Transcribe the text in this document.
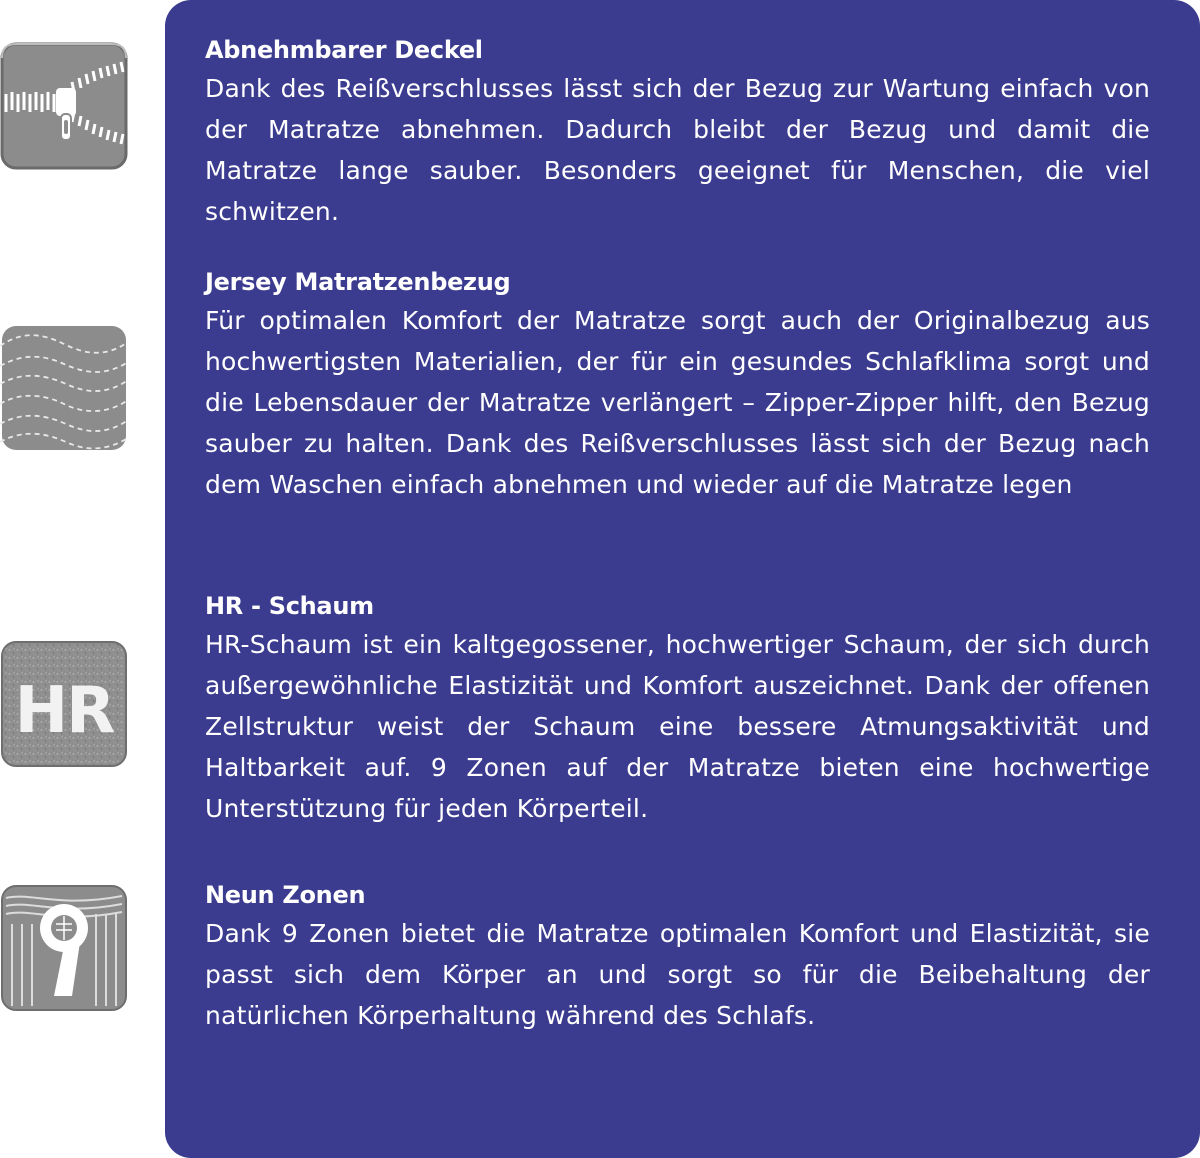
HR
Abnehmbarer Deckel

Dank des Reißverschlusses lässt sich der Bezug zur Wartung einfach von der Matratze abnehmen. Dadurch bleibt der Bezug und damit die Matratze lange sauber. Besonders geeignet für Menschen, die viel schwitzen.

Jersey Matratzenbezug

Für optimalen Komfort der Matratze sorgt auch der Originalbezug aus hochwertigsten Materialien, der für ein gesundes Schlafklima sorgt und die Lebensdauer der Matratze verlängert – Zipper-Zipper hilft, den Bezug sauber zu halten. Dank des Reißverschlusses lässt sich der Bezug nach dem Waschen einfach abnehmen und wieder auf die Matratze legen

HR - Schaum

HR-Schaum ist ein kaltgegossener, hochwertiger Schaum, der sich durch außergewöhnliche Elastizität und Komfort auszeichnet. Dank der offenen Zellstruktur weist der Schaum eine bessere Atmungsaktivität und Haltbarkeit auf. 9 Zonen auf der Matratze bieten eine hochwertige Unterstützung für jeden Körperteil.

Neun Zonen

Dank 9 Zonen bietet die Matratze optimalen Komfort und Elastizität, sie passt sich dem Körper an und sorgt so für die Beibehaltung der natürlichen Körperhaltung während des Schlafs.
